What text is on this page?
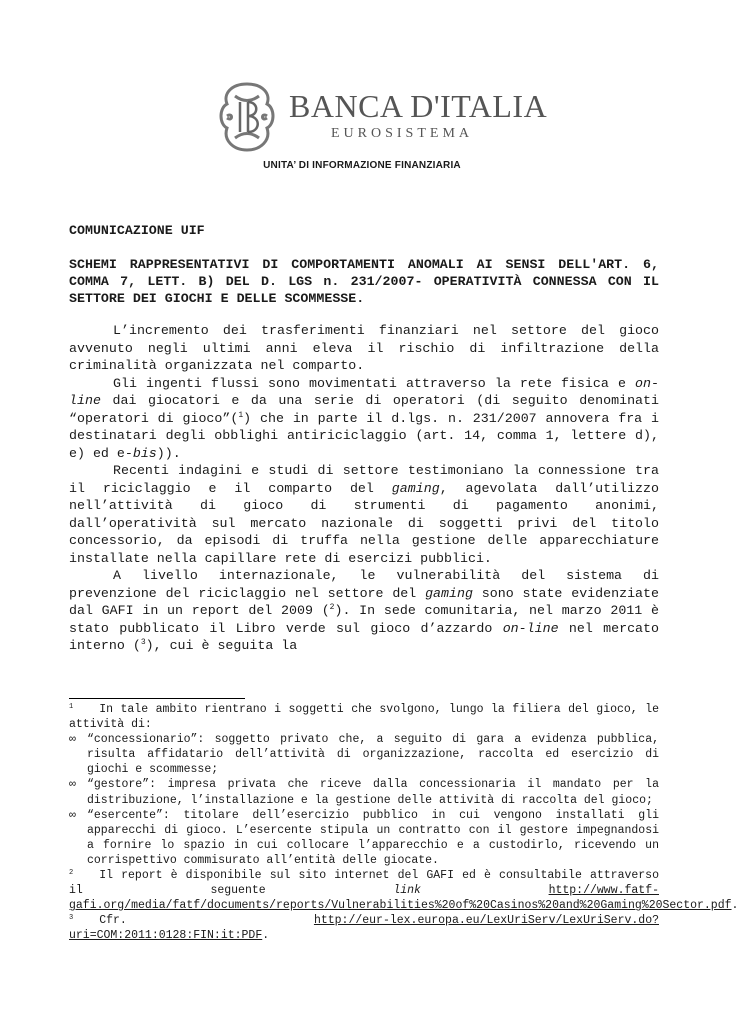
BANCA D'ITALIA
EUROSISTEMA
UNITA’ DI INFORMAZIONE FINANZIARIA

COMUNICAZIONE UIF

SCHEMI RAPPRESENTATIVI DI COMPORTAMENTI ANOMALI AI SENSI DELL'ART. 6, COMMA 7, LETT. B) DEL D. LGS n. 231/2007- OPERATIVITÀ CONNESSA CON IL SETTORE DEI GIOCHI E DELLE SCOMMESSE.

L’incremento dei trasferimenti finanziari nel settore del gioco avvenuto negli ultimi anni eleva il rischio di infiltrazione della criminalità organizzata nel comparto.

Gli ingenti flussi sono movimentati attraverso la rete fisica e on-line dai giocatori e da una serie di operatori (di seguito denominati “operatori di gioco”($^1$) che in parte il d.lgs. n. 231/2007 annovera fra i destinatari degli obblighi antiriciclaggio (art. 14, comma 1, lettere d), e) ed e-bis)).

Recenti indagini e studi di settore testimoniano la connessione tra il riciclaggio e il comparto del gaming, agevolata dall’utilizzo nell’attività di gioco di strumenti di pagamento anonimi, dall’operatività sul mercato nazionale di soggetti privi del titolo concessorio, da episodi di truffa nella gestione delle apparecchiature installate nella capillare rete di esercizi pubblici.

A livello internazionale, le vulnerabilità del sistema di prevenzione del riciclaggio nel settore del gaming sono state evidenziate dal GAFI in un report del 2009 ($^2$). In sede comunitaria, nel marzo 2011 è stato pubblicato il Libro verde sul gioco d’azzardo on-line nel mercato interno ($^3$), cui è seguita la

$^1$ In tale ambito rientrano i soggetti che svolgono, lungo la filiera del gioco, le attività di:

∞ “concessionario”: soggetto privato che, a seguito di gara a evidenza pubblica, risulta affidatario dell’attività di organizzazione, raccolta ed esercizio di giochi e scommesse;
∞ “gestore”: impresa privata che riceve dalla concessionaria il mandato per la distribuzione, l’installazione e la gestione delle attività di raccolta del gioco;
∞ “esercente”: titolare dell’esercizio pubblico in cui vengono installati gli apparecchi di gioco. L’esercente stipula un contratto con il gestore impegnandosi a fornire lo spazio in cui collocare l’apparecchio e a custodirlo, ricevendo un corrispettivo commisurato all’entità delle giocate.

$^2$ Il report è disponibile sul sito internet del GAFI ed è consultabile attraverso il seguente link	http://www.fatf-gafi.org/media/fatf/documents/reports/Vulnerabilities%20of%20Casinos%20and%20Gaming%20Sector.pdf.

$^3$ Cfr. http://eur-lex.europa.eu/LexUriServ/LexUriServ.do?uri=COM:2011:0128:FIN:it:PDF.
